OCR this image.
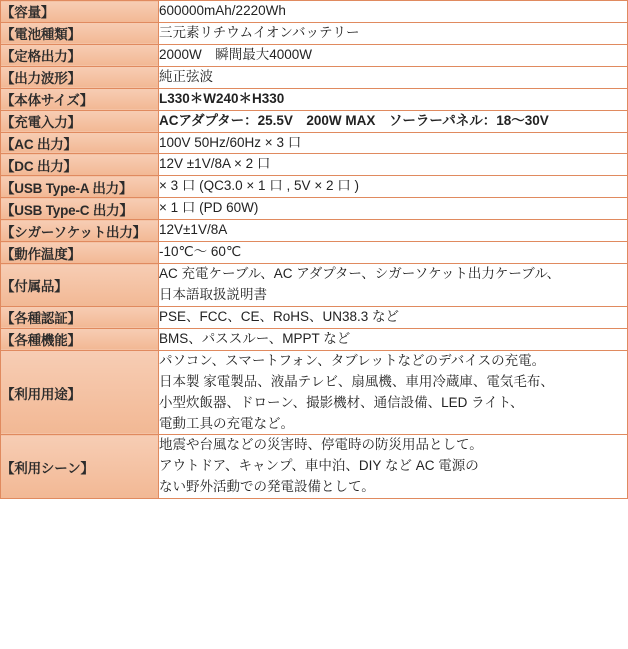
【容量】	600000mAh/2220Wh

【電池種類】	三元素リチウムイオンバッテリー

【定格出力】	2000W　瞬間最大4000W

【出力波形】	純正弦波

【本体サイズ】	L330＊W240＊H330

【充電入力】	ACアダプター：25.5V　200W MAX　ソーラーパネル：18〜30V

【AC 出力】	100V 50Hz/60Hz × 3 口

【DC 出力】	12V ±1V/8A × 2 口

【USB Type-A 出力】	× 3 口 (QC3.0 × 1 口 , 5V × 2 口 )

【USB Type-C 出力】	× 1 口 (PD 60W)

【シガーソケット出力】	12V±1V/8A

【動作温度】	-10℃〜 60℃

【付属品】	AC 充電ケーブル、AC アダプター、シガーソケット出力ケーブル、
日本語取扱説明書

【各種認証】	PSE、FCC、CE、RoHS、UN38.3 など

【各種機能】	BMS、パススルー、MPPT など

【利用用途】	パソコン、スマートフォン、タブレットなどのデバイスの充電。
日本製 家電製品、液晶テレビ、扇風機、車用冷蔵庫、電気毛布、
小型炊飯器、ドローン、撮影機材、通信設備、LED ライト、
電動工具の充電など。

【利用シーン】	地震や台風などの災害時、停電時の防災用品として。
アウトドア、キャンプ、車中泊、DIY など AC 電源の
ない野外活動での発電設備として。
